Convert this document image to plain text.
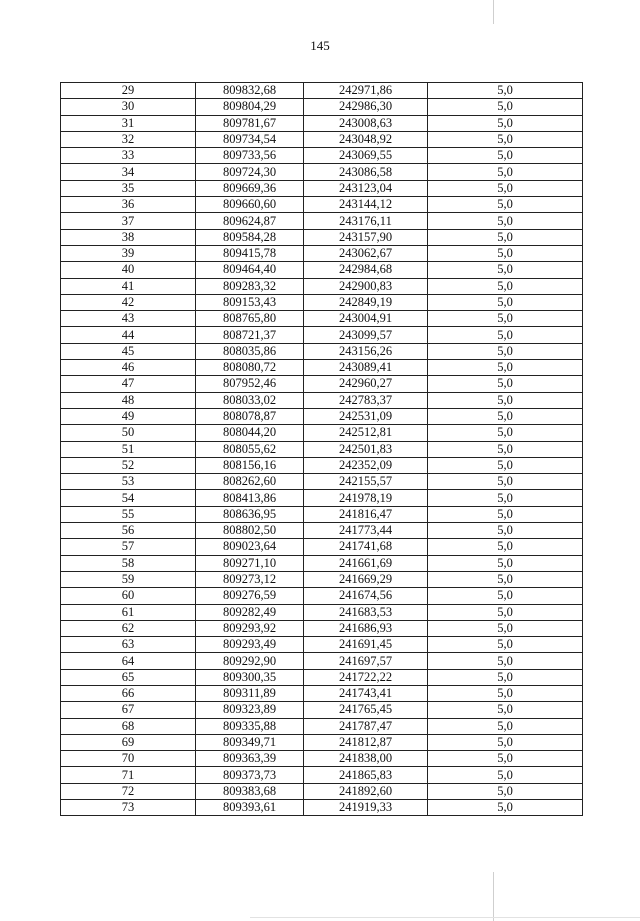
145
29	809832,68	242971,86	5,0
30	809804,29	242986,30	5,0
31	809781,67	243008,63	5,0
32	809734,54	243048,92	5,0
33	809733,56	243069,55	5,0
34	809724,30	243086,58	5,0
35	809669,36	243123,04	5,0
36	809660,60	243144,12	5,0
37	809624,87	243176,11	5,0
38	809584,28	243157,90	5,0
39	809415,78	243062,67	5,0
40	809464,40	242984,68	5,0
41	809283,32	242900,83	5,0
42	809153,43	242849,19	5,0
43	808765,80	243004,91	5,0
44	808721,37	243099,57	5,0
45	808035,86	243156,26	5,0
46	808080,72	243089,41	5,0
47	807952,46	242960,27	5,0
48	808033,02	242783,37	5,0
49	808078,87	242531,09	5,0
50	808044,20	242512,81	5,0
51	808055,62	242501,83	5,0
52	808156,16	242352,09	5,0
53	808262,60	242155,57	5,0
54	808413,86	241978,19	5,0
55	808636,95	241816,47	5,0
56	808802,50	241773,44	5,0
57	809023,64	241741,68	5,0
58	809271,10	241661,69	5,0
59	809273,12	241669,29	5,0
60	809276,59	241674,56	5,0
61	809282,49	241683,53	5,0
62	809293,92	241686,93	5,0
63	809293,49	241691,45	5,0
64	809292,90	241697,57	5,0
65	809300,35	241722,22	5,0
66	809311,89	241743,41	5,0
67	809323,89	241765,45	5,0
68	809335,88	241787,47	5,0
69	809349,71	241812,87	5,0
70	809363,39	241838,00	5,0
71	809373,73	241865,83	5,0
72	809383,68	241892,60	5,0
73	809393,61	241919,33	5,0
